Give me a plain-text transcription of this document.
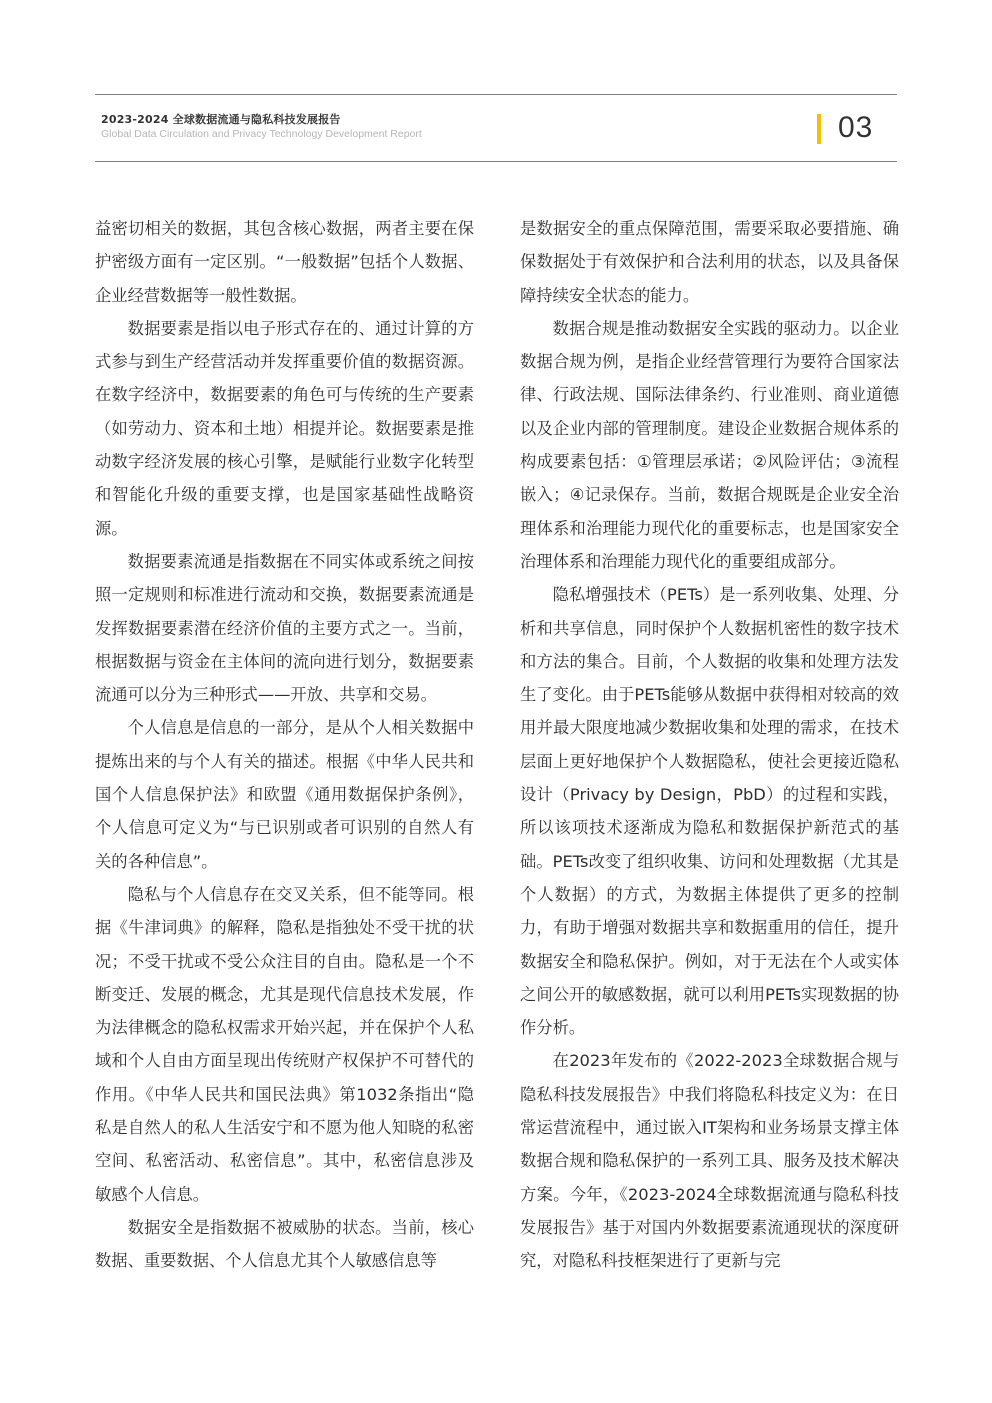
2023-2024 全球数据流通与隐私科技发展报告
Global Data Circulation and Privacy Technology Development Report	03

益密切相关的数据，其包含核心数据，两者主要在保护密级方面有一定区别。“一般数据”包括个人数据、企业经营数据等一般性数据。

数据要素是指以电子形式存在的、通过计算的方式参与到生产经营活动并发挥重要价值的数据资源。在数字经济中，数据要素的角色可与传统的生产要素（如劳动力、资本和土地）相提并论。数据要素是推动数字经济发展的核心引擎，是赋能行业数字化转型和智能化升级的重要支撑，也是国家基础性战略资源。

数据要素流通是指数据在不同实体或系统之间按照一定规则和标准进行流动和交换，数据要素流通是发挥数据要素潜在经济价值的主要方式之一。当前，根据数据与资金在主体间的流向进行划分，数据要素流通可以分为三种形式——开放、共享和交易。

个人信息是信息的一部分，是从个人相关数据中提炼出来的与个人有关的描述。根据《中华人民共和国个人信息保护法》和欧盟《通用数据保护条例》，个人信息可定义为“与已识别或者可识别的自然人有关的各种信息”。

隐私与个人信息存在交叉关系，但不能等同。根据《牛津词典》的解释，隐私是指独处不受干扰的状况；不受干扰或不受公众注目的自由。隐私是一个不断变迁、发展的概念，尤其是现代信息技术发展，作为法律概念的隐私权需求开始兴起，并在保护个人私域和个人自由方面呈现出传统财产权保护不可替代的作用。《中华人民共和国民法典》第1032条指出“隐私是自然人的私人生活安宁和不愿为他人知晓的私密空间、私密活动、私密信息”。其中，私密信息涉及敏感个人信息。

数据安全是指数据不被威胁的状态。当前，核心数据、重要数据、个人信息尤其个人敏感信息等

是数据安全的重点保障范围，需要采取必要措施、确保数据处于有效保护和合法利用的状态，以及具备保障持续安全状态的能力。

数据合规是推动数据安全实践的驱动力。以企业数据合规为例，是指企业经营管理行为要符合国家法律、行政法规、国际法律条约、行业准则、商业道德以及企业内部的管理制度。建设企业数据合规体系的构成要素包括：①管理层承诺；②风险评估；③流程嵌入；④记录保存。当前，数据合规既是企业安全治理体系和治理能力现代化的重要标志，也是国家安全治理体系和治理能力现代化的重要组成部分。

隐私增强技术（PETs）是一系列收集、处理、分析和共享信息，同时保护个人数据机密性的数字技术和方法的集合。目前，个人数据的收集和处理方法发生了变化。由于PETs能够从数据中获得相对较高的效用并最大限度地减少数据收集和处理的需求，在技术层面上更好地保护个人数据隐私，使社会更接近隐私设计（Privacy by Design，PbD）的过程和实践，所以该项技术逐渐成为隐私和数据保护新范式的基础。PETs改变了组织收集、访问和处理数据（尤其是个人数据）的方式，为数据主体提供了更多的控制力，有助于增强对数据共享和数据重用的信任，提升数据安全和隐私保护。例如，对于无法在个人或实体之间公开的敏感数据，就可以利用PETs实现数据的协作分析。

在2023年发布的《2022-2023全球数据合规与隐私科技发展报告》中我们将隐私科技定义为：在日常运营流程中，通过嵌入IT架构和业务场景支撑主体数据合规和隐私保护的一系列工具、服务及技术解决方案。今年，《2023-2024全球数据流通与隐私科技发展报告》基于对国内外数据要素流通现状的深度研究，对隐私科技框架进行了更新与完
